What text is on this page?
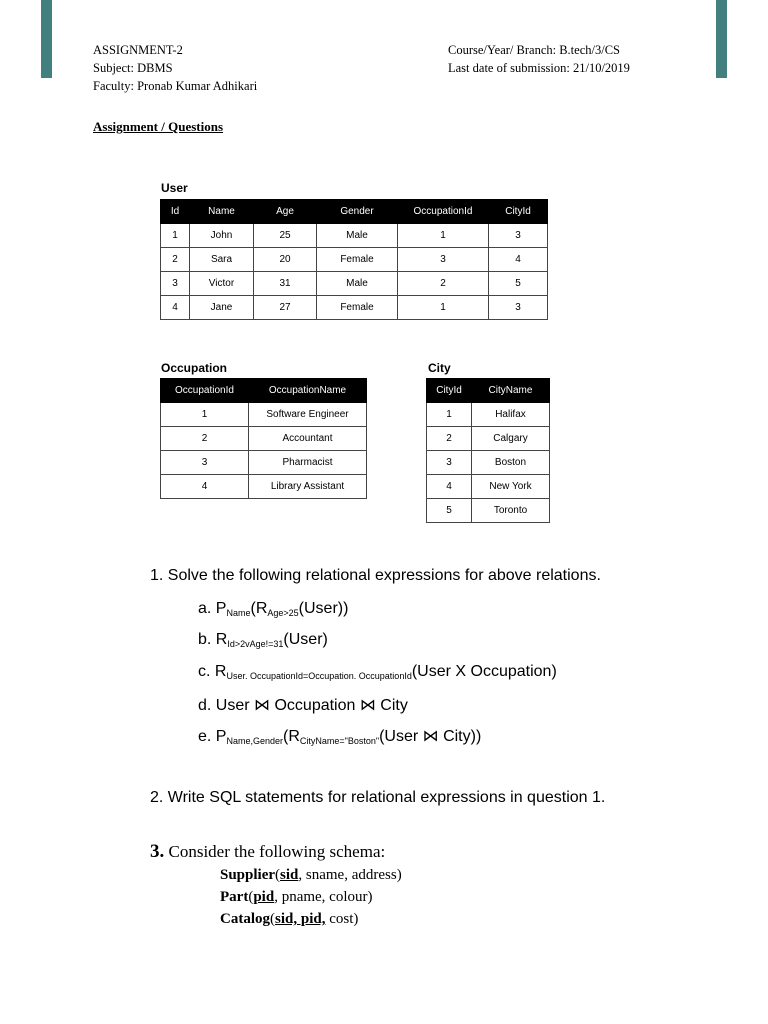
ASSIGNMENT-2
Subject: DBMS
Faculty: Pronab Kumar Adhikari
Course/Year/ Branch: B.tech/3/CS
Last date of submission: 21/10/2019
Assignment / Questions
User
Id	Name	Age	Gender	OccupationId	CityId
1	John	25	Male	1	3
2	Sara	20	Female	3	4
3	Victor	31	Male	2	5
4	Jane	27	Female	1	3
Occupation
OccupationId	OccupationName
1	Software Engineer
2	Accountant
3	Pharmacist
4	Library Assistant
City
CityId	CityName
1	Halifax
2	Calgary
3	Boston
4	New York
5	Toronto
1. Solve the following relational expressions for above relations.
a. $P_{Name}(R_{Age>25}(User))$
b. $R_{Id>2vAge!=31}(User)$
c. $R_{User. OccupationId=Occupation. OccupationId}(User$ X Occupation)
d. User ⋈ Occupation ⋈ City
e. $P_{Name,Gender}(R_{CityName="Boston"}(User$ ⋈ City))
2. Write SQL statements for relational expressions in question 1.
3. Consider the following schema:
Supplier(sid, sname, address)
Part(pid, pname, colour)
Catalog(sid, pid, cost)
